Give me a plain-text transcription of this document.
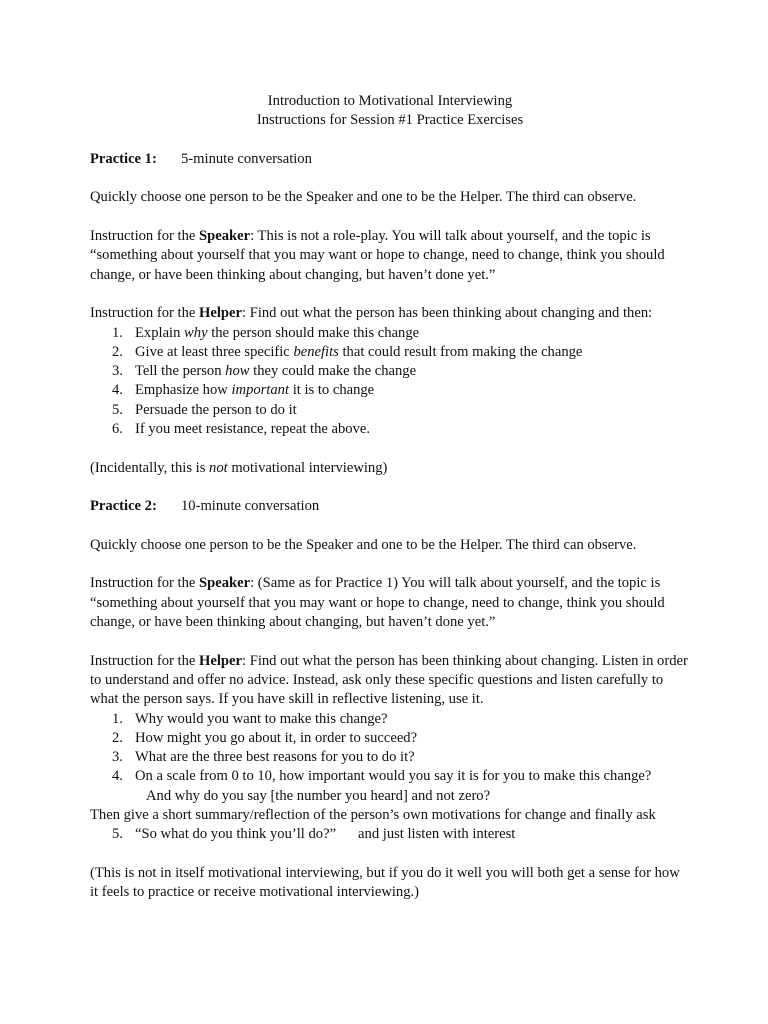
Introduction to Motivational Interviewing
Instructions for Session #1 Practice Exercises
Practice 1: 5-minute conversation

Quickly choose one person to be the Speaker and one to be the Helper. The third can observe.

Instruction for the Speaker: This is not a role-play. You will talk about yourself, and the topic is “something about yourself that you may want or hope to change, need to change, think you should change, or have been thinking about changing, but haven’t done yet.”

Instruction for the Helper: Find out what the person has been thinking about changing and then:
1. Explain why the person should make this change
2. Give at least three specific benefits that could result from making the change
3. Tell the person how they could make the change
4. Emphasize how important it is to change
5. Persuade the person to do it
6. If you meet resistance, repeat the above.

(Incidentally, this is not motivational interviewing)

Practice 2: 10-minute conversation

Quickly choose one person to be the Speaker and one to be the Helper. The third can observe.

Instruction for the Speaker: (Same as for Practice 1) You will talk about yourself, and the topic is “something about yourself that you may want or hope to change, need to change, think you should change, or have been thinking about changing, but haven’t done yet.”

Instruction for the Helper: Find out what the person has been thinking about changing. Listen in order to understand and offer no advice. Instead, ask only these specific questions and listen carefully to what the person says. If you have skill in reflective listening, use it.
1. Why would you want to make this change?
2. How might you go about it, in order to succeed?
3. What are the three best reasons for you to do it?
4. On a scale from 0 to 10, how important would you say it is for you to make this change?
And why do you say [the number you heard] and not zero?
Then give a short summary/reflection of the person’s own motivations for change and finally ask
5. “So what do you think you’ll do?” and just listen with interest

(This is not in itself motivational interviewing, but if you do it well you will both get a sense for how it feels to practice or receive motivational interviewing.)
